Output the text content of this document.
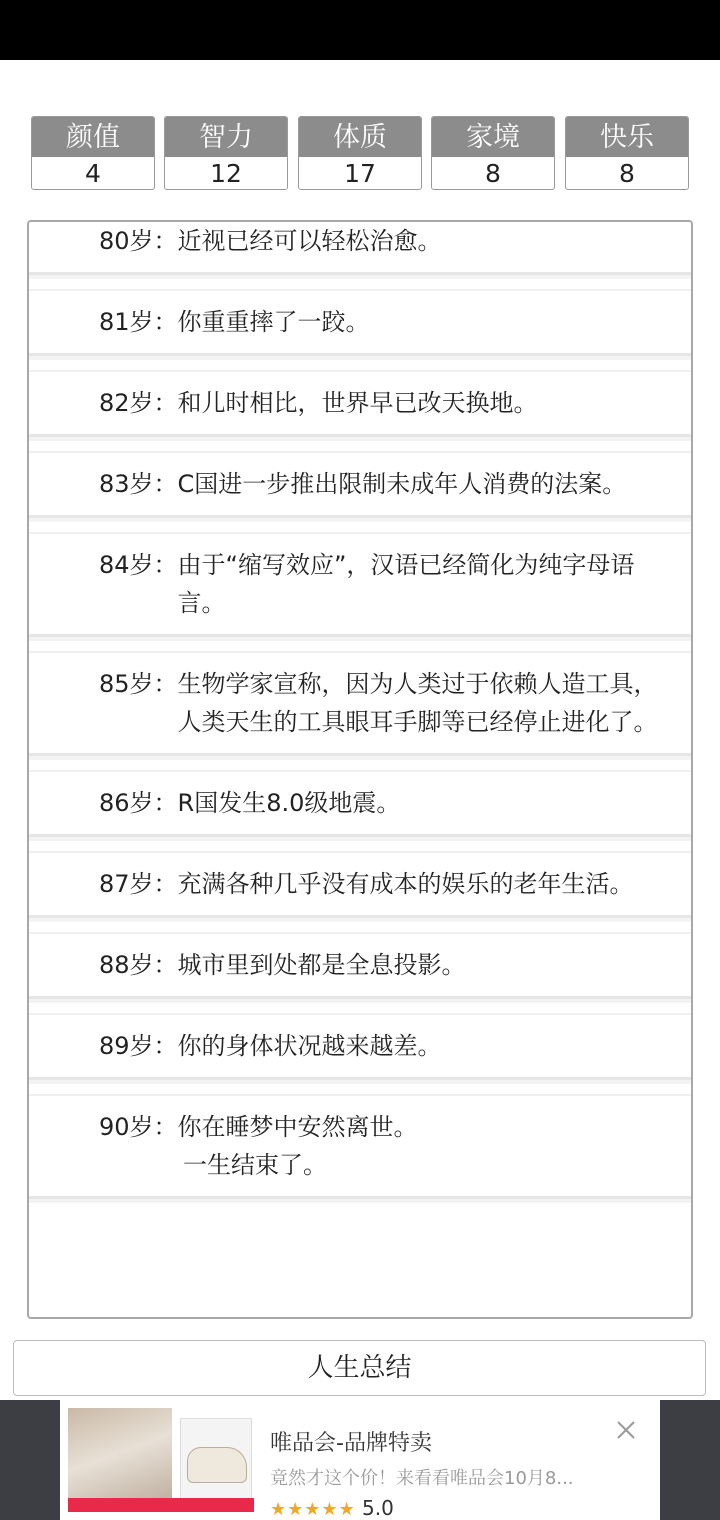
颜值
4
智力
12
体质
17
家境
8
快乐
8
80岁： 近视已经可以轻松治愈。
81岁： 你重重摔了一跤。
82岁： 和儿时相比，世界早已改天换地。
83岁： C国进一步推出限制未成年人消费的法案。
84岁： 由于“缩写效应”，汉语已经简化为纯字母语言。
85岁： 生物学家宣称，因为人类过于依赖人造工具，人类天生的工具眼耳手脚等已经停止进化了。
86岁： R国发生8.0级地震。
87岁： 充满各种几乎没有成本的娱乐的老年生活。
88岁： 城市里到处都是全息投影。
89岁： 你的身体状况越来越差。
90岁： 你在睡梦中安然离世。
一生结束了。
人生总结
唯品会-品牌特卖
竟然才这个价！来看看唯品会10月8...
★★★★★ 5.0
